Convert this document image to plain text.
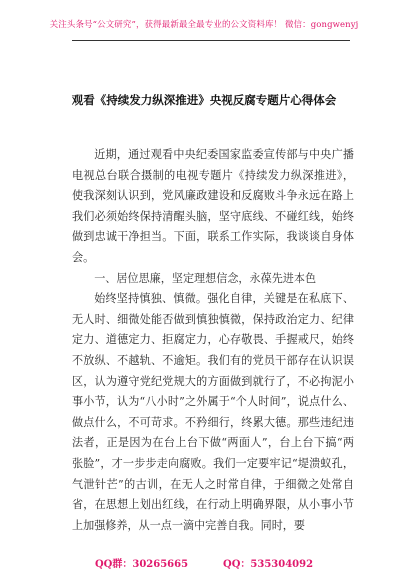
关注头条号“公文研究”，获得最新最全最专业的公文资料库！ 微信：gongwenyj
观看《持续发力纵深推进》央视反腐专题片心得体会

近期，通过观看中央纪委国家监委宣传部与中央广播电视总台联合摄制的电视专题片《持续发力纵深推进》，使我深刻认识到，党风廉政建设和反腐败斗争永远在路上我们必须始终保持清醒头脑，坚守底线、不碰红线，始终做到忠诚干净担当。下面，联系工作实际，我谈谈自身体会。

一、居位思廉，坚定理想信念，永葆先进本色

始终坚持慎独、慎微。强化自律，关键是在私底下、无人时、细微处能否做到慎独慎微，保持政治定力、纪律定力、道德定力、拒腐定力，心存敬畏、手握戒尺，始终不放纵、不越轨、不逾矩。我们有的党员干部存在认识误区，认为遵守党纪党规大的方面做到就行了，不必拘泥小事小节，认为“八小时”之外属于“个人时间”，说点什么、做点什么，不可苛求。不矜细行，终累大德。那些违纪违法者，正是因为在台上台下做“两面人”，台上台下搞“两张脸”，才一步步走向腐败。我们一定要牢记“堤溃蚁孔，气泄针芒”的古训，在无人之时常自律，于细微之处常自省，在思想上划出红线，在行动上明确界限，从小事小节上加强修养，从一点一滴中完善自我。同时，要

QQ群：30265665	QQ：535304092
